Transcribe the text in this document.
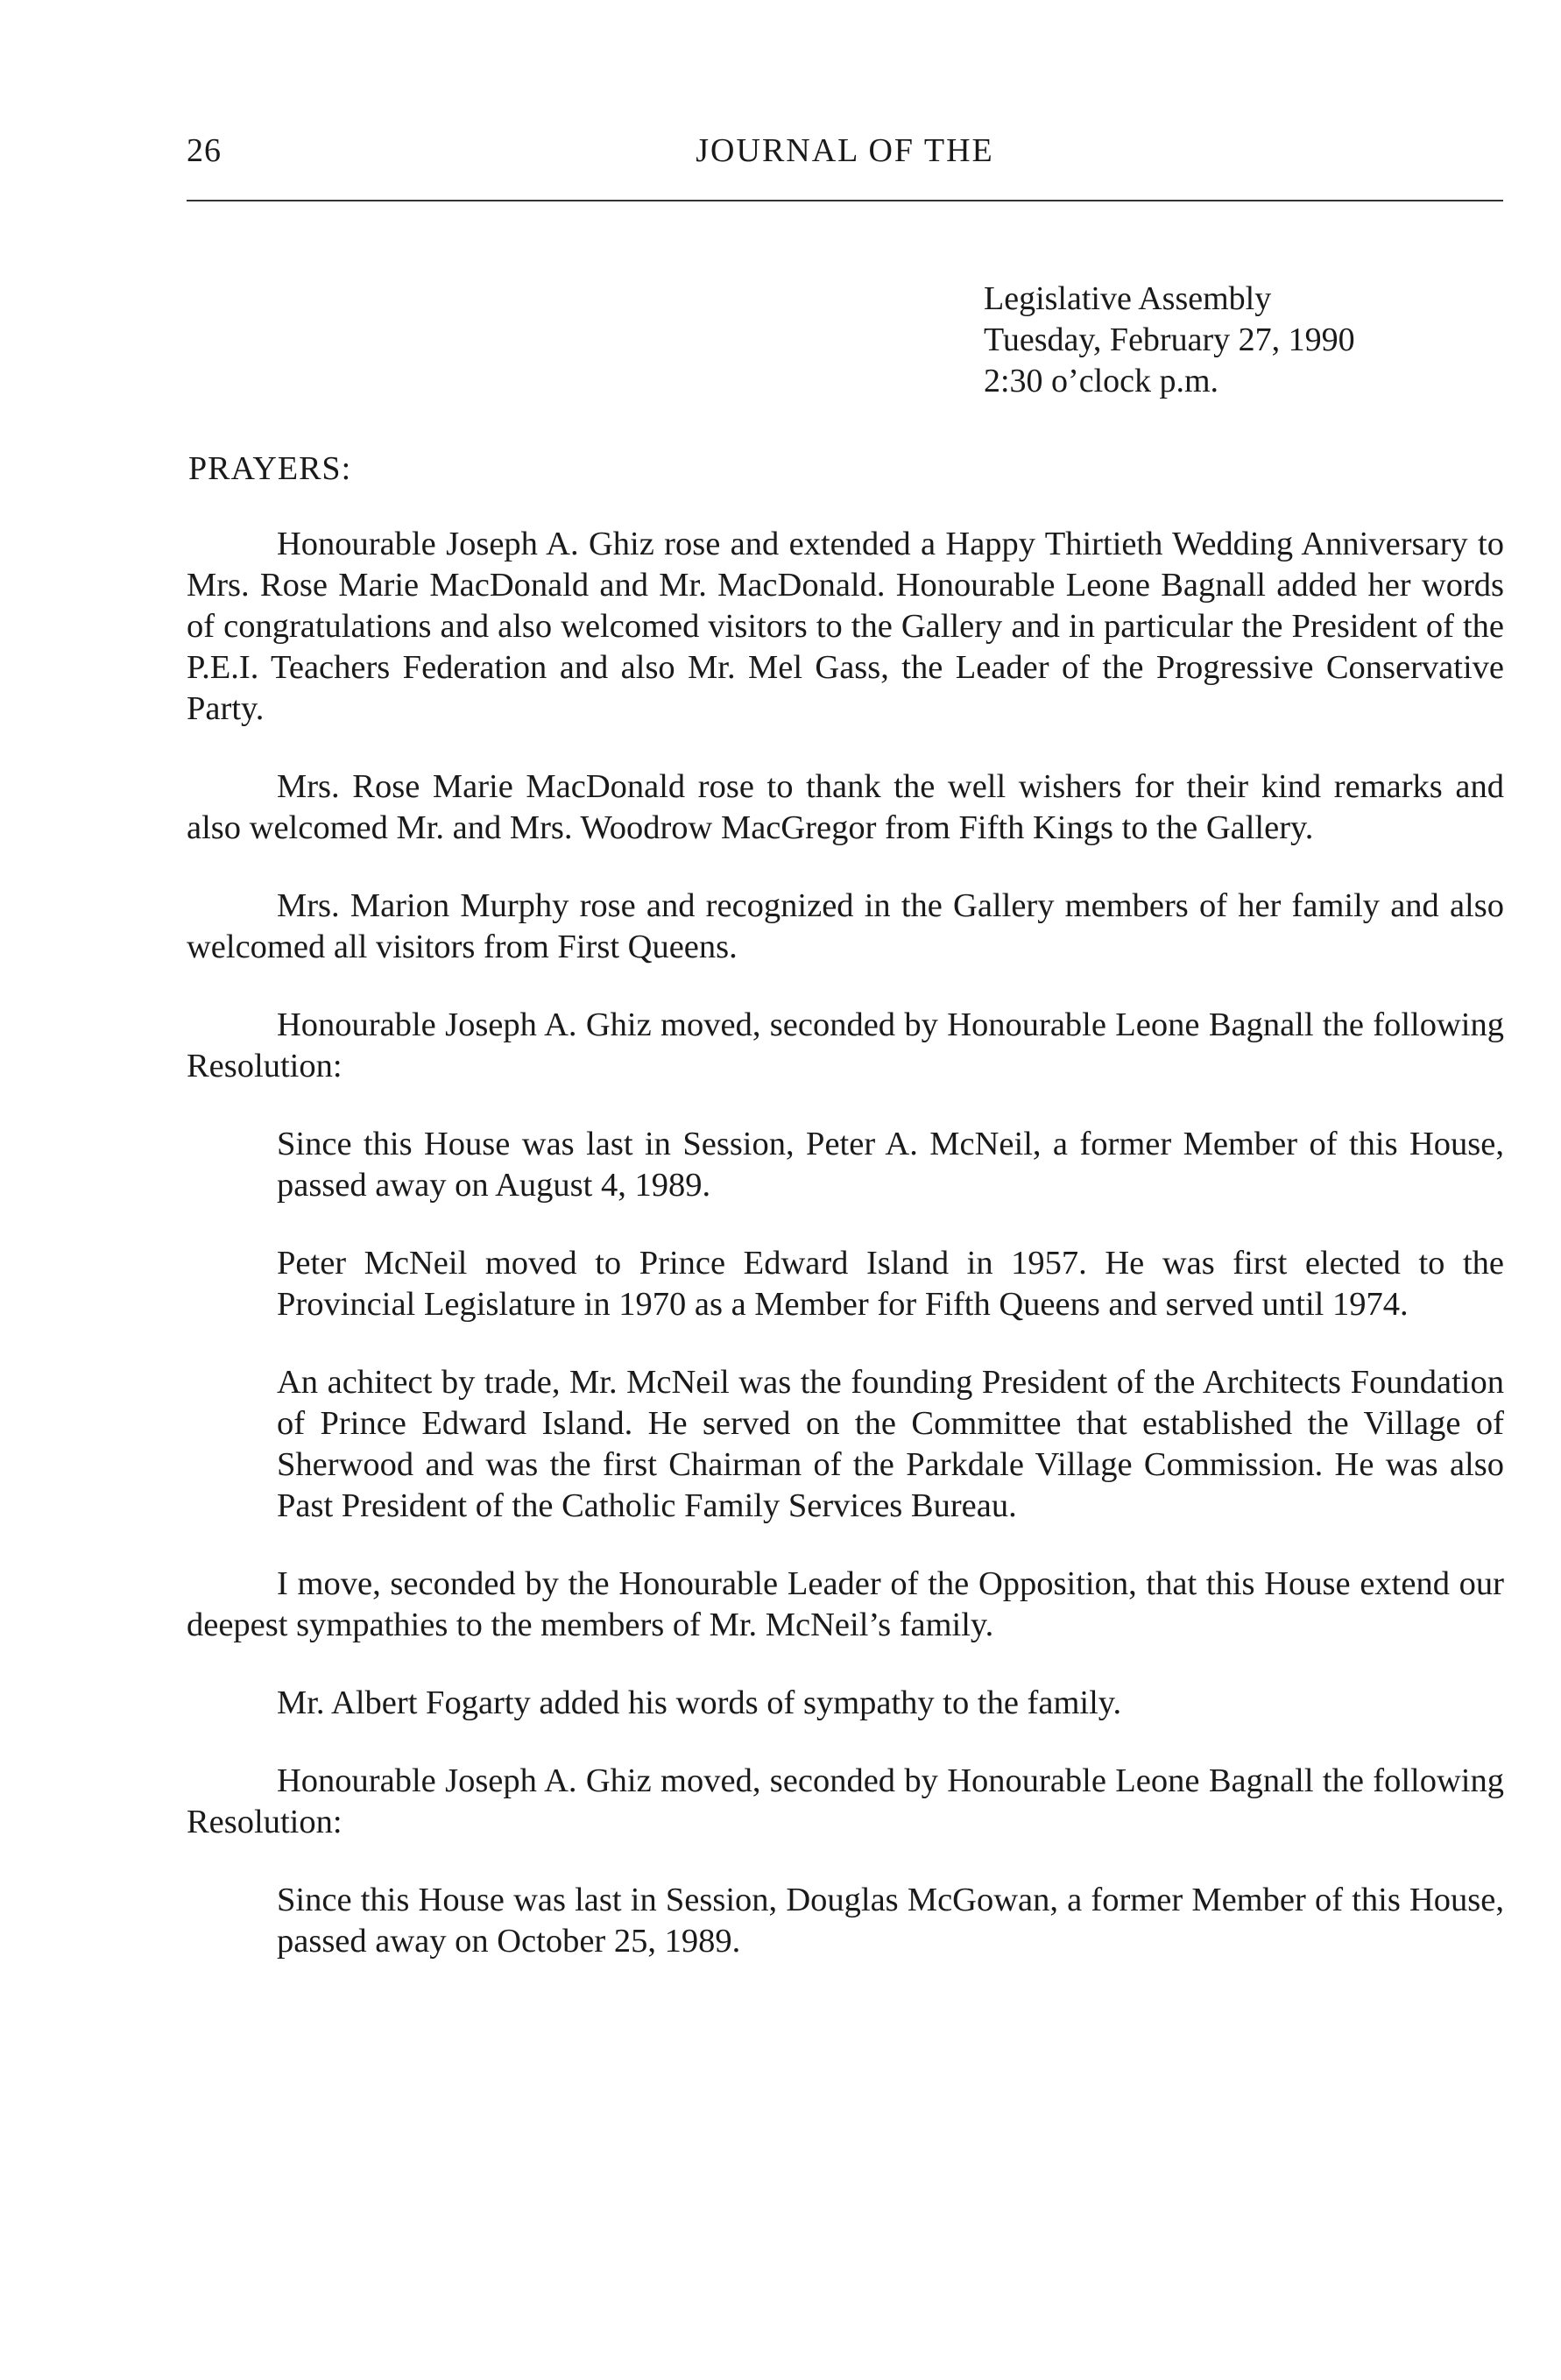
26	JOURNAL OF THE
Legislative Assembly
Tuesday, February 27, 1990
2:30 o’clock p.m.
PRAYERS:

Honourable Joseph A. Ghiz rose and extended a Happy Thirtieth Wedding Anniversary to Mrs. Rose Marie MacDonald and Mr. MacDonald. Honourable Leone Bagnall added her words of congratulations and also welcomed visitors to the Gallery and in particular the President of the P.E.I. Teachers Federation and also Mr. Mel Gass, the Leader of the Progressive Conservative Party.

Mrs. Rose Marie MacDonald rose to thank the well wishers for their kind remarks and also welcomed Mr. and Mrs. Woodrow MacGregor from Fifth Kings to the Gallery.

Mrs. Marion Murphy rose and recognized in the Gallery members of her family and also welcomed all visitors from First Queens.

Honourable Joseph A. Ghiz moved, seconded by Honourable Leone Bagnall the following Resolution:

Since this House was last in Session, Peter A. McNeil, a former Member of this House, passed away on August 4, 1989.

Peter McNeil moved to Prince Edward Island in 1957. He was first elected to the Provincial Legislature in 1970 as a Member for Fifth Queens and served until 1974.

An achitect by trade, Mr. McNeil was the founding President of the Architects Foundation of Prince Edward Island. He served on the Committee that established the Village of Sherwood and was the first Chairman of the Parkdale Village Commission. He was also Past President of the Catholic Family Services Bureau.

I move, seconded by the Honourable Leader of the Opposition, that this House extend our deepest sympathies to the members of Mr. McNeil’s family.

Mr. Albert Fogarty added his words of sympathy to the family.

Honourable Joseph A. Ghiz moved, seconded by Honourable Leone Bagnall the following Resolution:

Since this House was last in Session, Douglas McGowan, a former Member of this House, passed away on October 25, 1989.
